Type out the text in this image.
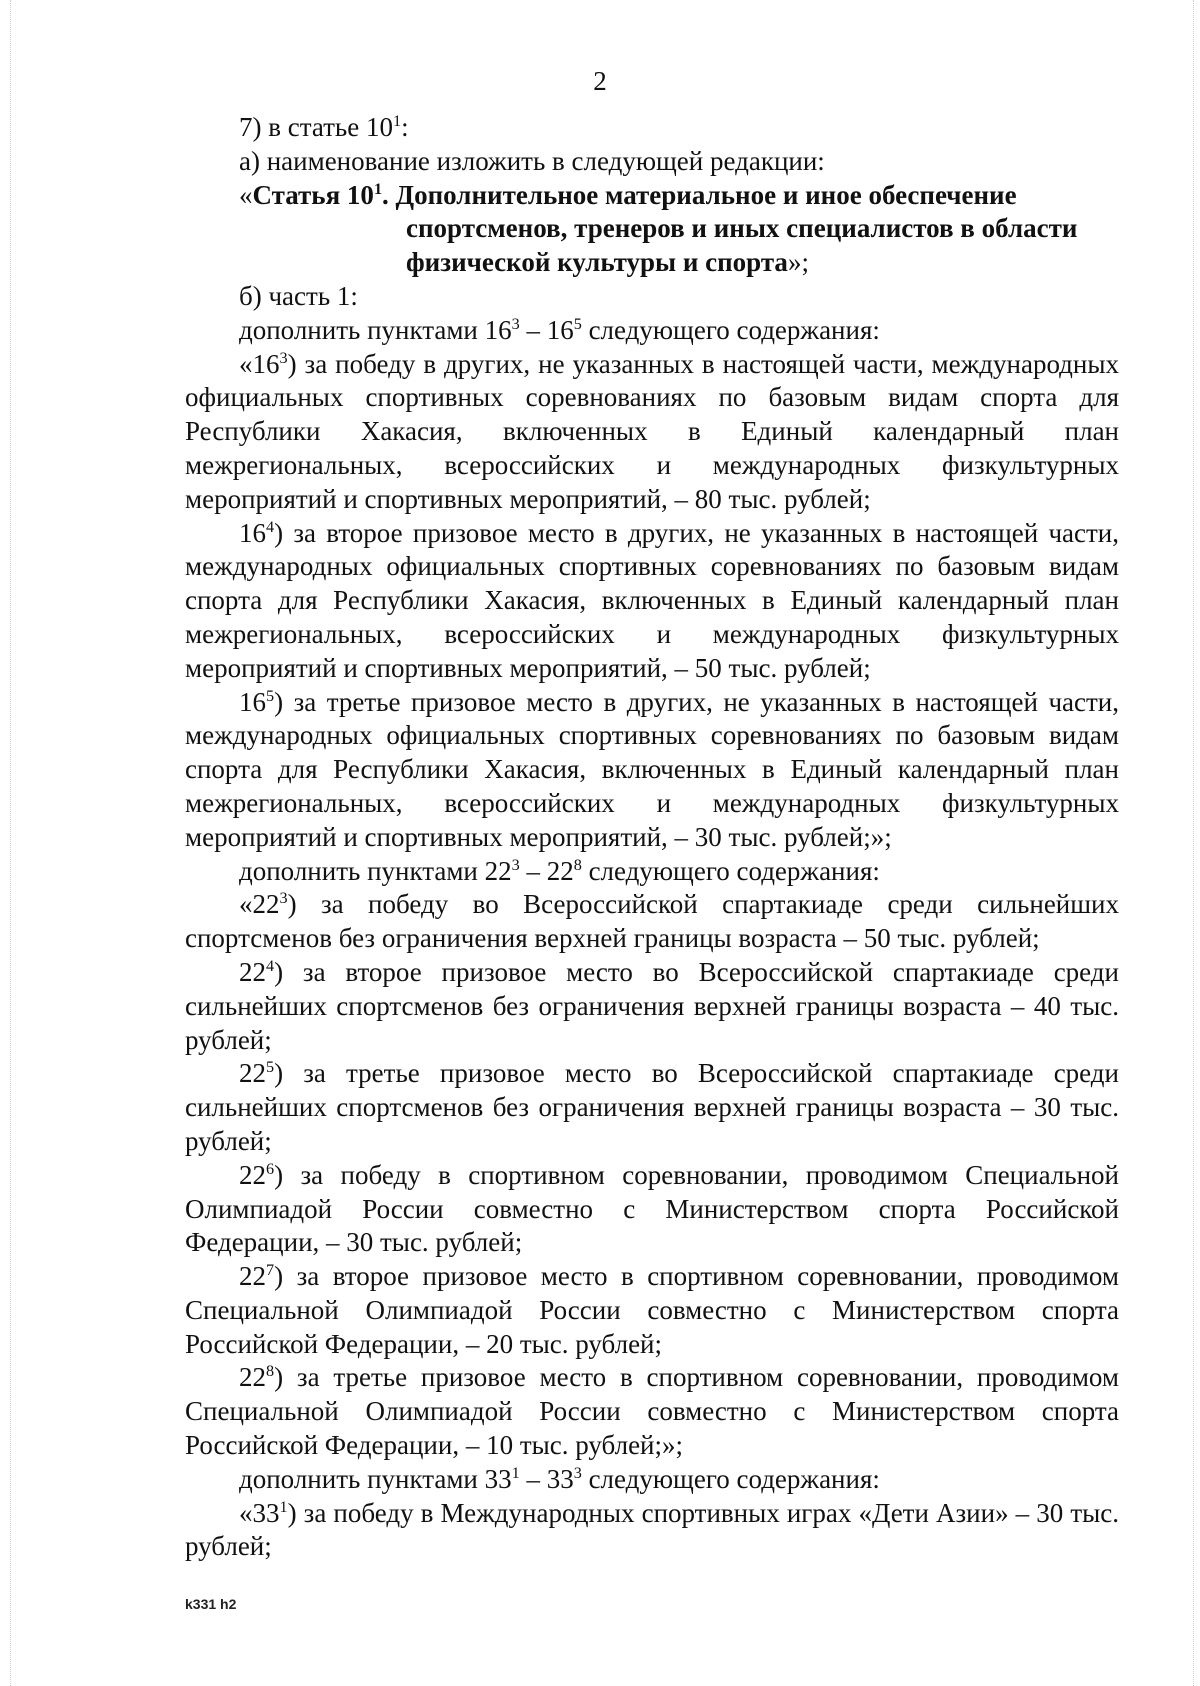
2

7) в статье $10^1$:

а) наименование изложить в следующей редакции:

«Статья $10^1$. Дополнительное материальное и иное обеспечение
спортсменов, тренеров и иных специалистов в области
физической культуры и спорта»;

б) часть 1:

дополнить пунктами $16^3 - 16^5$ следующего содержания:

«$16^3$) за победу в других, не указанных в настоящей части, международных официальных спортивных соревнованиях по базовым видам спорта для Республики Хакасия, включенных в Единый календарный план межрегиональных, всероссийских и международных физкультурных мероприятий и спортивных мероприятий, – 80 тыс. рублей;

$16^4$) за второе призовое место в других, не указанных в настоящей части, международных официальных спортивных соревнованиях по базовым видам спорта для Республики Хакасия, включенных в Единый календарный план межрегиональных, всероссийских и международных физкультурных мероприятий и спортивных мероприятий, – 50 тыс. рублей;

$16^5$) за третье призовое место в других, не указанных в настоящей части, международных официальных спортивных соревнованиях по базовым видам спорта для Республики Хакасия, включенных в Единый календарный план межрегиональных, всероссийских и международных физкультурных мероприятий и спортивных мероприятий, – 30 тыс. рублей;»;

дополнить пунктами $22^3 - 22^8$ следующего содержания:

«$22^3$) за победу во Всероссийской спартакиаде среди сильнейших спортсменов без ограничения верхней границы возраста – 50 тыс. рублей;

$22^4$) за второе призовое место во Всероссийской спартакиаде среди сильнейших спортсменов без ограничения верхней границы возраста – 40 тыс. рублей;

$22^5$) за третье призовое место во Всероссийской спартакиаде среди сильнейших спортсменов без ограничения верхней границы возраста – 30 тыс. рублей;

$22^6$) за победу в спортивном соревновании, проводимом Специальной Олимпиадой России совместно с Министерством спорта Российской Федерации, – 30 тыс. рублей;

$22^7$) за второе призовое место в спортивном соревновании, проводимом Специальной Олимпиадой России совместно с Министерством спорта Российской Федерации, – 20 тыс. рублей;

$22^8$) за третье призовое место в спортивном соревновании, проводимом Специальной Олимпиадой России совместно с Министерством спорта Российской Федерации, – 10 тыс. рублей;»;

дополнить пунктами $33^1 - 33^3$ следующего содержания:

«$33^1$) за победу в Международных спортивных играх «Дети Азии» – 30 тыс. рублей;

k331 h2
